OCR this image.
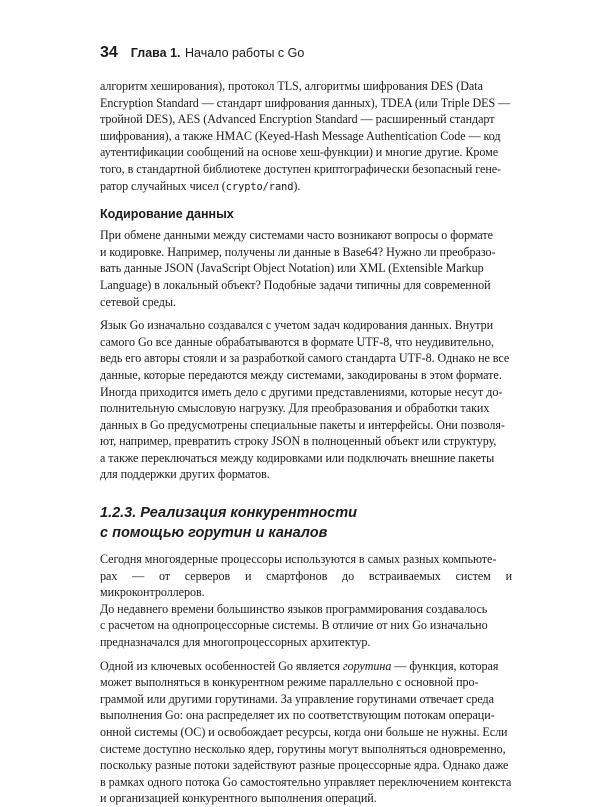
34 Глава 1.
Начало работы с Go

алгоритм хеширования), протокол TLS, алгоритмы шифрования DES (Data
Encryption Standard — стандарт шифрования данных), TDEA (или Triple DES —
тройной DES), AES (Advanced Encryption Standard — расширенный стандарт
шифрования), а также HMAC (Keyed-Hash Message Authentication Code — код
аутентификации сообщений на основе хеш-функции) и многие другие. Кроме
того, в стандартной библиотеке доступен криптографически безопасный гене-
ратор случайных чисел (crypto/rand).

Кодирование данных

При обмене данными между системами часто возникают вопросы о формате
и кодировке. Например, получены ли данные в Base64? Нужно ли преобразо-
вать данные JSON (JavaScript Object Notation) или XML (Extensible Markup
Language) в локальный объект? Подобные задачи типичны для современной
сетевой среды.

Язык Go изначально создавался с учетом задач кодирования данных. Внутри
самого Go все данные обрабатываются в формате UTF-8, что неудивительно,
ведь его авторы стояли и за разработкой самого стандарта UTF-8. Однако не все
данные, которые передаются между системами, закодированы в этом формате.
Иногда приходится иметь дело с другими представлениями, которые несут до-
полнительную смысловую нагрузку. Для преобразования и обработки таких
данных в Go предусмотрены специальные пакеты и интерфейсы. Они позволя-
ют, например, превратить строку JSON в полноценный объект или структуру,
а также переключаться между кодировками или подключать внешние пакеты
для поддержки других форматов.

1.2.3. Реализация конкурентности
с помощью горутин и каналов

Сегодня многоядерные процессоры используются в самых разных компьюте-
рах — от серверов и смартфонов до встраиваемых систем и микроконтроллеров.
До недавнего времени большинство языков программирования создавалось
с расчетом на однопроцессорные системы. В отличие от них Go изначально
предназначался для многопроцессорных архитектур.

Одной из ключевых особенностей Go является горутина — функция, которая
может выполняться в конкурентном режиме параллельно с основной про-
граммой или другими горутинами. За управление горутинами отвечает среда
выполнения Go: она распределяет их по соответствующим потокам операци-
онной системы (ОС) и освобождает ресурсы, когда они больше не нужны. Если
системе доступно несколько ядер, горутины могут выполняться одновременно,
поскольку разные потоки задействуют разные процессорные ядра. Однако даже
в рамках одного потока Go самостоятельно управляет переключением контекста
и организацией конкурентного выполнения операций.
